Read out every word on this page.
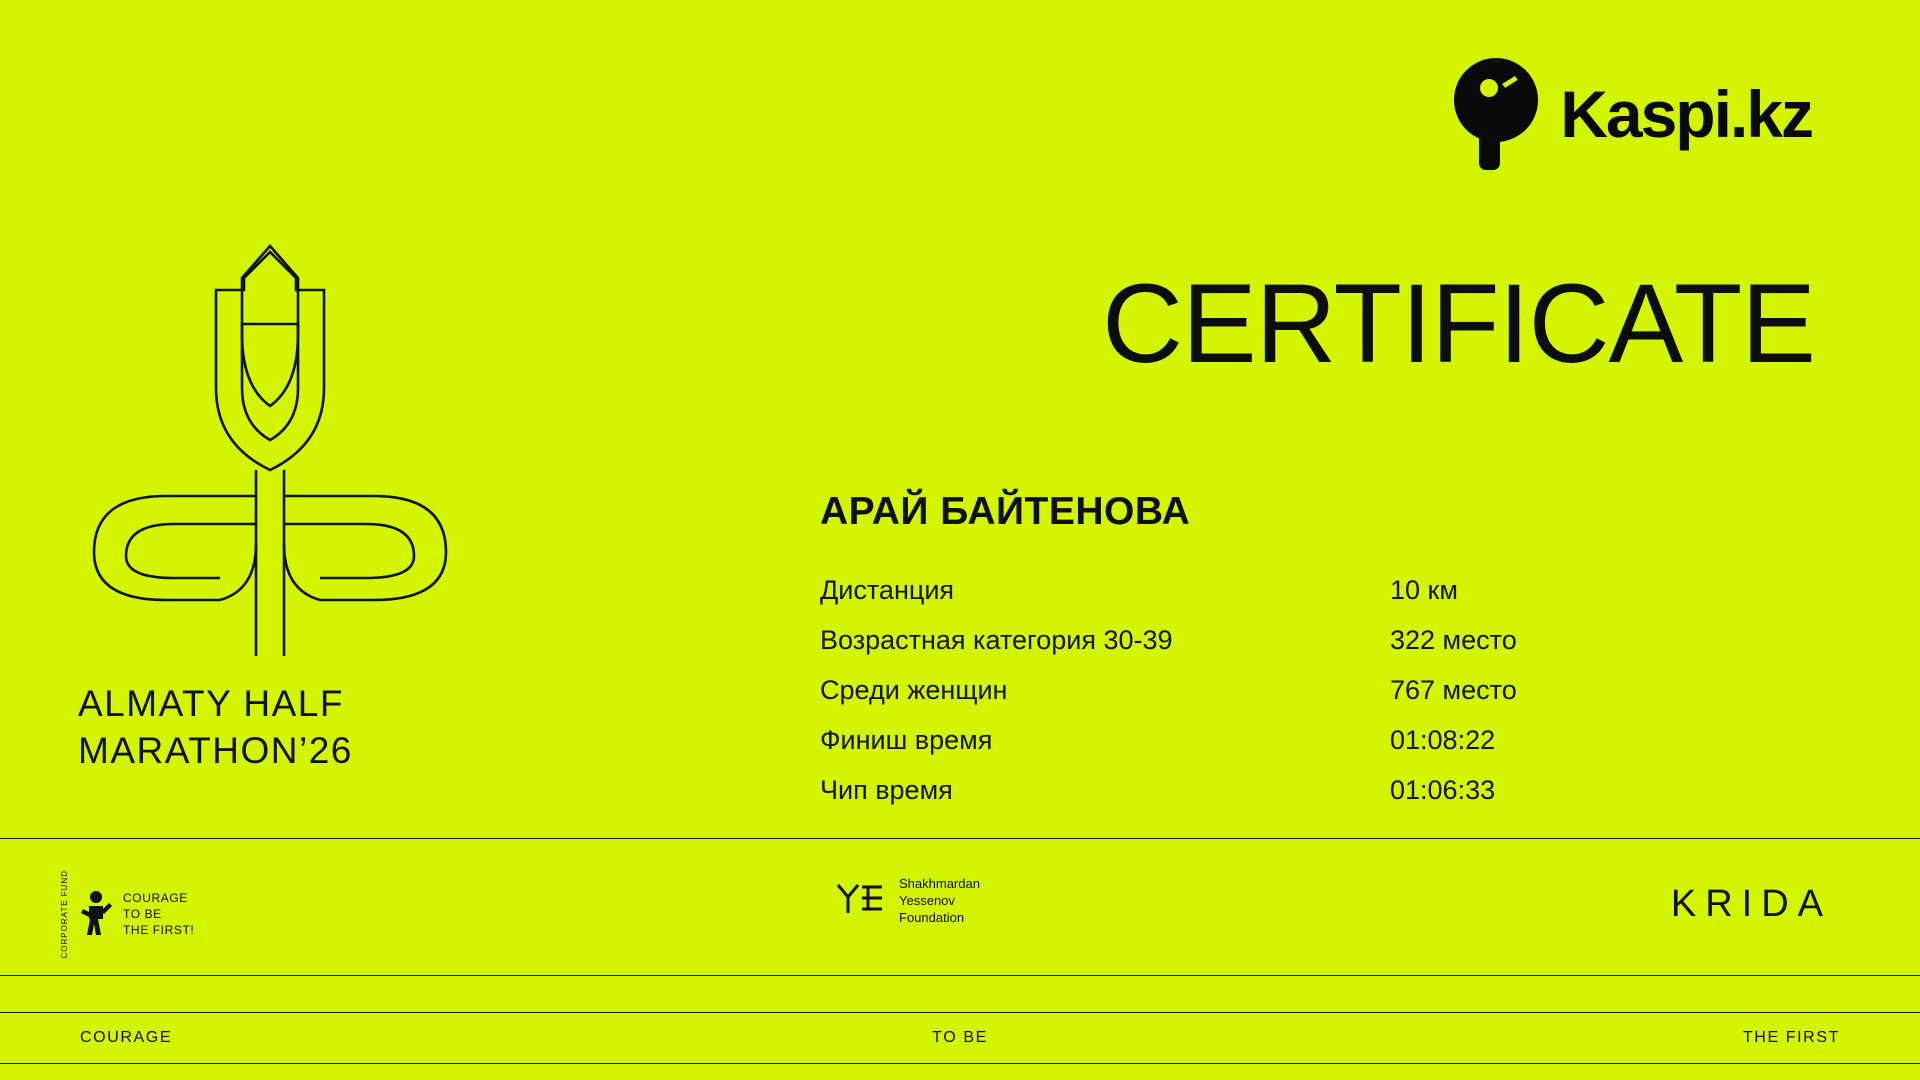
Kaspi.kz
CERTIFICATE
ALMATY HALF MARATHON’26
АРАЙ БАЙТЕНОВА
Дистанция	10 км
Возрастная категория 30-39	322 место
Среди женщин	767 место
Финиш время	01:08:22
Чип время	01:06:33
CORPORATE FUND	COURAGE
TO BE
THE FIRST!
Shakhmardan
Yessenov
Foundation	KRIDA
COURAGE	TO BE	THE FIRST
